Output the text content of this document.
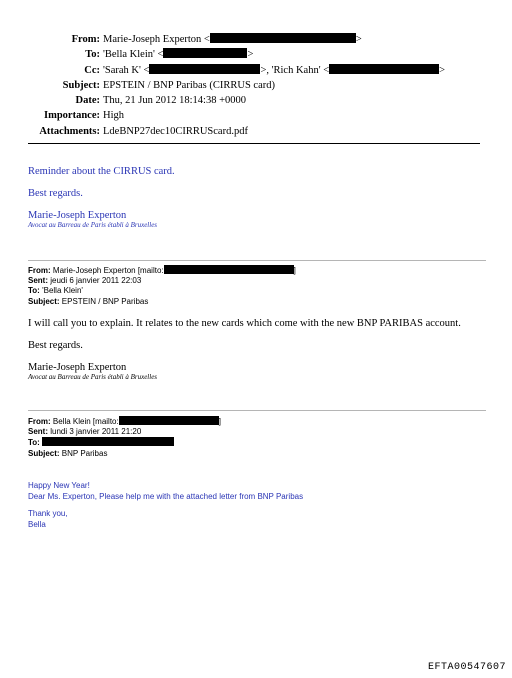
From: Marie-Joseph Experton <	>
To: 'Bella Klein' <	>
Cc: 'Sarah K' <	>, 'Rich Kahn' <	>
Subject: EPSTEIN / BNP Paribas (CIRRUS card)
Date: Thu, 21 Jun 2012 18:14:38 +0000
Importance: High
Attachments: LdeBNP27dec10CIRRUScard.pdf

Reminder about the CIRRUS card.

Best regards.

Marie-Joseph Experton

Avocat au Barreau de Paris établi à Bruxelles

From: Marie-Joseph Experton [mailto:	]
Sent: jeudi 6 janvier 2011 22:03
To: 'Bella Klein'
Subject: EPSTEIN / BNP Paribas

I will call you to explain. It relates to the new cards which come with the new BNP PARIBAS account.

Best regards.

Marie-Joseph Experton

Avocat au Barreau de Paris établi à Bruxelles

From: Bella Klein [mailto:	]
Sent: lundi 3 janvier 2011 21:20
To:
Subject: BNP Paribas
Happy New Year!
Dear Ms. Experton, Please help me with the attached letter from BNP Paribas
Thank you,
Bella
EFTA00547607
